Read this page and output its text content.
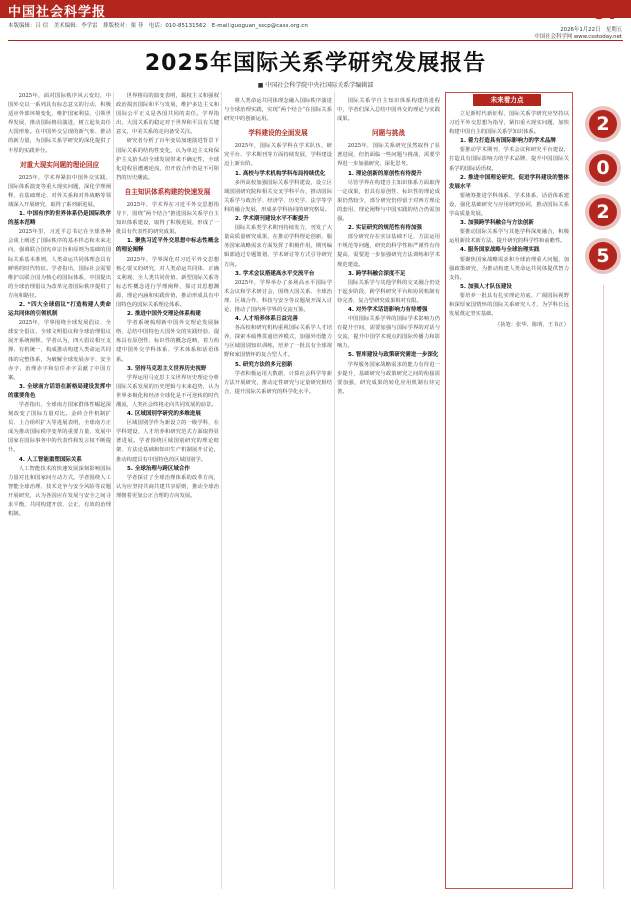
中国社会科学报
本版编辑：吕 信　美术编辑：李学雷　排版校对：栗 菲　电话：010-85131562　E-mail:guoguan_sscp@cass.org.cn
07
2026年1月22日　星期五
中国社会科学网 www.csstoday.net
2025年国际关系学研究发展报告
■ 中国社会科学院中央社国际关系学编辑部

2025年，面对国际秩序风云变幻，中国外交以一系列具有标志意义的行动，积极适应外部环境变化，维护国家利益，引领世界发展，推动国际格局演进，树立起负责任大国形象。在中国外交呈现的新气象、推动的新力量，为国际关系学研究的深化提供了丰厚的实践养分。

对重大现实问题的理论回应

2025年，学术界紧扣中国外交实践、国际体系演变等重大现实问题，深化学理阐释，在基础理论、对外关系和对外战略等领域深入开展研究，取得了系列新进展。

1. 中国有序的世界体系仍是国际秩序的基本范畴

2025年里，习近平总书记在全球各种会谈上阐述了国际秩序的基本样态和未来走向，强调联合国宪章宗旨和原则为基础的国际关系基本准则，人类命运共同体理念具有鲜明的时代特征。学者指出，国际社会需要维护以联合国为核心的国际体系，中国提出的全球治理倡议为改革完善国际秩序提供了方向和路径。

2. “四大全球倡议”打造构建人类命运共同体的引领机制

2025年，学界围绕全球发展倡议、全球安全倡议、全球文明倡议和全球治理倡议展开系统阐释。学者认为，四大倡议相互支撑、有机统一，构成推动构建人类命运共同体的完整体系，为破解全球发展赤字、安全赤字、治理赤字和信任赤字贡献了中国方案。

3. 全球南方话语在新格局建设发挥中的重要角色

学者指出，全球南方国家群体性崛起深刻改变了国际力量对比。金砖合作机制扩员、上合组织扩大等进展表明，全球南方正成为推动国际秩序变革的重要力量，发展中国家在国际事务中的代表性和发言权不断提升。

4. 人工智能重塑国际关系

人工智能技术的快速发展深刻影响国际力量对比和国家间互动方式。学者围绕人工智能全球治理、技术竞争与安全风险等议题开展研究，认为各国应在发展与安全之间寻求平衡，共同构建开放、公正、有效的治理机制。

世界格局的演变表明，霸权主义和强权政治损害国际和平与发展，维护多边主义和国际公平正义是各国共同的责任。学界指出，大国关系的稳定对于世界和平具有关键意义，中美关系的走向备受关注。

研究者分析了百年变局加速演进背景下国际关系的结构性变化，认为单边主义和保护主义抬头给全球发展带来不确定性，全球化进程虽遭遇逆流，但开放合作仍是不可阻挡的历史潮流。

自主知识体系构建的快速发展

2025年，学术界在习近平外交思想指导下，围绕“两个结合”推进国际关系学自主知识体系建设，取得了积极进展，形成了一批具有代表性的研究成果。

1. 聚焦习近平外交思想中标志性概念的理论阐释

2025年，学界深化对习近平外交思想核心要义的研究，对人类命运共同体、正确义利观、全人类共同价值、新型国际关系等标志性概念进行学理阐释，探讨其思想渊源、理论内涵和实践价值，推动形成具有中国特色的国际关系理论体系。

2. 推进中国外交理论体系构建

学者系统梳理新中国外交理论发展脉络，总结中国特色大国外交的实践经验，提炼具有原创性、标识性的概念范畴，着力构建中国外交学科体系、学术体系和话语体系。

3. 坚持马克思主义世界历史视野

学界运用马克思主义世界历史理论分析国际关系发展的历史逻辑与未来趋势，认为世界多极化和经济全球化是不可逆转的时代潮流，人类社会终将走向共同发展的前景。

4. 区域国别学研究的多维进展

区域国别学作为新设立的一级学科，在学科建设、人才培养和研究范式方面取得显著进展。学者围绕区域国别研究的理论框架、方法论基础和知识生产机制展开讨论，推动构建具有中国特色的区域国别学。

5. 全球治理与跨区域合作

学者探讨了全球治理体系的改革方向，认为应坚持共商共建共享原则，推动全球治理朝着更加公正合理的方向发展。

将人类命运共同体理念融入国际秩序演进与全球治理实践，实现“两个结合”在国际关系研究中的创新运用。

学科建设的全面发展

2025年，国际关系学科在学术队伍、研究平台、学术期刊等方面持续发展，学科建设迈上新台阶。

1. 高校与学术机构学科布局持续优化

多所高校加强国际关系学科建设，设立区域国别研究院和相关交叉学科平台，推动国际关系学与政治学、经济学、历史学、法学等学科的融合发展，形成多学科协同的研究格局。

2. 学术期刊建设水平不断提升

国际关系类学术期刊持续发力，刊发了大量高质量研究成果，在推动学科理论创新、服务国家战略需求方面发挥了积极作用。期刊编辑部通过专题策划、学术研讨等方式引导研究方向。

3. 学术会议搭建高水平交流平台

2025年，学界举办了多场高水平国际学术会议和学术研讨会，围绕大国关系、全球治理、区域合作、科技与安全等议题展开深入讨论，推动了国内外学界的交流互鉴。

4. 人才培养体系日益完善

各高校和研究机构重视国际关系学人才培养，探索本硕博贯通培养模式，加强外语能力与区域国别知识训练，培养了一批具有全球视野和家国情怀的复合型人才。

5. 研究方法的多元创新

学者积极运用大数据、计算社会科学等新方法开展研究，推动定性研究与定量研究相结合，提升国际关系研究的科学化水平。

国际关系学自主知识体系构建的进程中，学者们深入总结中国外交的理论与实践成果。

问题与挑战

2025年，国际关系研究虽然取得了显著进展，但仍面临一些问题与挑战，需要学界进一步加强研究、深化思考。

1. 理论创新的原创性有待提升

尽管学界在构建自主知识体系方面取得一定成果，但具有原创性、标识性的理论成果仍然较少，部分研究仍停留于对西方理论的套用，理论阐释与中国实践的结合仍需加强。

2. 实证研究的规范性有待加强

部分研究存在实证基础不足、方法运用不规范等问题，研究的科学性和严谨性有待提高，需要进一步加强研究方法训练和学术规范建设。

3. 跨学科融合深度不足

国际关系学与其他学科的交叉融合仍处于起步阶段，跨学科研究平台和协同机制有待完善，复合型研究成果相对有限。

4. 对外学术话语影响力有待增强

中国国际关系学界的国际学术影响力仍有提升空间，需要加强与国际学界的对话与交流，提升中国学术观点的国际传播力和影响力。

5. 智库建设与政策研究需进一步深化

学界服务国家战略需求的能力有待进一步提升，基础研究与政策研究之间的衔接需要加强，研究成果的转化应用机制有待完善。

立足新时代新征程，国际关系学研究应坚持以习近平外交思想为指导，紧扣重大现实问题，加快构建中国自主的国际关系学知识体系。

1. 着力打造具有国际影响力的学术品牌

要推动学术期刊、学术会议和研究平台建设，打造具有国际影响力的学术品牌，提升中国国际关系学的国际话语权。

2. 推进中国理论研究、促进学科建设的整体发展水平

要统筹推进学科体系、学术体系、话语体系建设，强化基础研究与应用研究协同，推动国际关系学高质量发展。

3. 加强跨学科融合与方法创新

要推动国际关系学与其他学科深度融合，积极运用新技术新方法，提升研究的科学性和前瞻性。

4. 服务国家战略与全球治理实践

要聚焦国家战略需求和全球治理重大问题，加强政策研究，为推动构建人类命运共同体提供智力支持。

5. 加强人才队伍建设

要培养一批具有扎实理论功底、广阔国际视野和深厚家国情怀的国际关系研究人才，为学科长远发展奠定坚实基础。

（执笔：张华、陈明、王书正）
未来着力点
2
0
2
5
